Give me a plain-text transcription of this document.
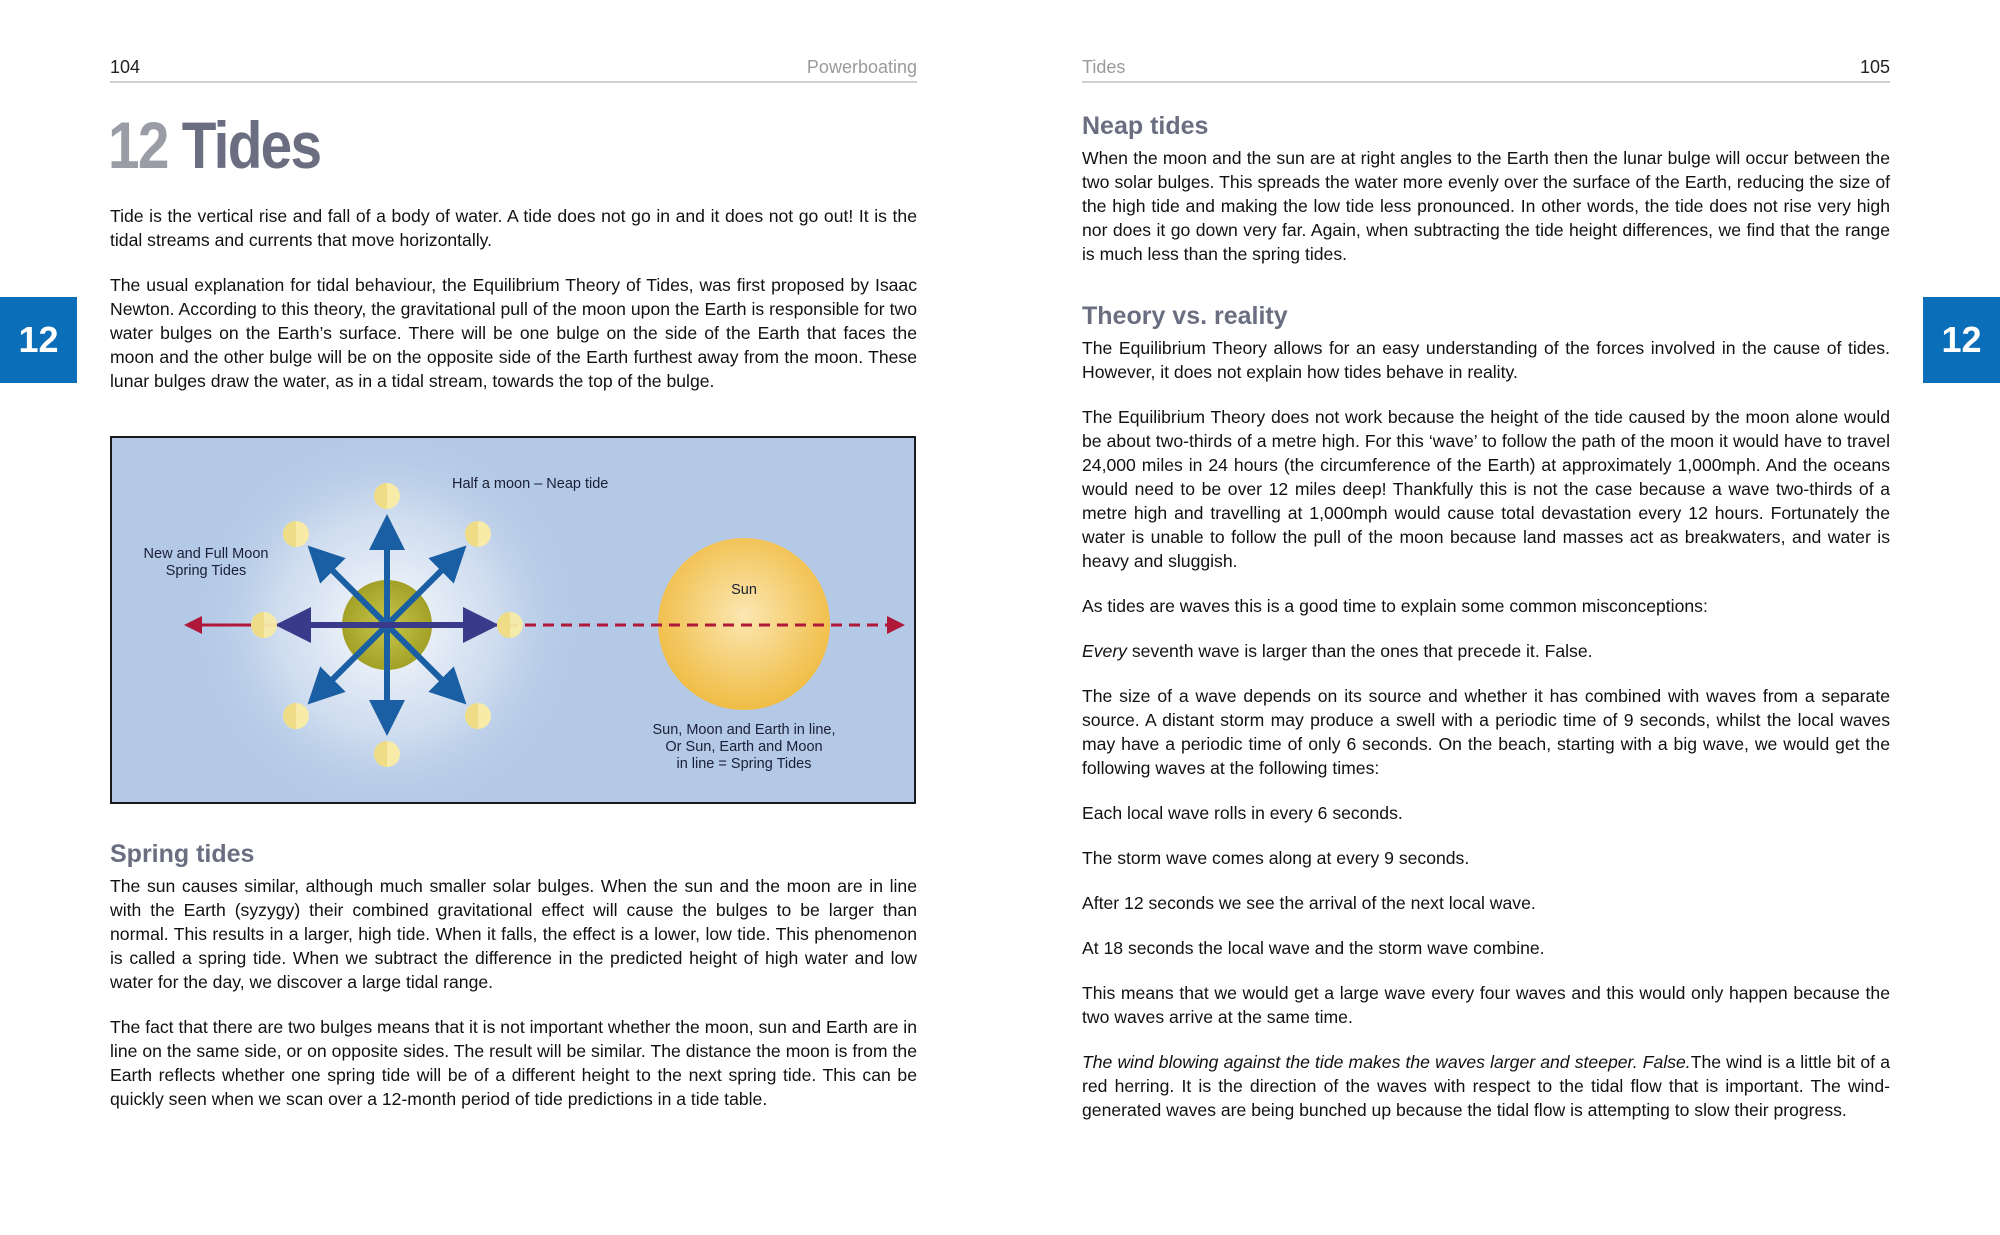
104	Powerboating
12
12 Tides

Tide is the vertical rise and fall of a body of water. A tide does not go in and it does not go out! It is the tidal streams and currents that move horizontally.

The usual explanation for tidal behaviour, the Equilibrium Theory of Tides, was first proposed by Isaac Newton. According to this theory, the gravitational pull of the moon upon the Earth is responsible for two water bulges on the Earth’s surface. There will be one bulge on the side of the Earth that faces the moon and the other bulge will be on the opposite side of the Earth furthest away from the moon. These lunar bulges draw the water, as in a tidal stream, towards the top of the bulge.

Half a moon – Neap tide
New and Full Moon
Spring Tides
Sun
Sun, Moon and Earth in line,
Or Sun, Earth and Moon
in line = Spring Tides
Spring tides

The sun causes similar, although much smaller solar bulges. When the sun and the moon are in line with the Earth (syzygy) their combined gravitational effect will cause the bulges to be larger than normal. This results in a larger, high tide. When it falls, the effect is a lower, low tide. This phenomenon is called a spring tide. When we subtract the difference in the predicted height of high water and low water for the day, we discover a large tidal range.

The fact that there are two bulges means that it is not important whether the moon, sun and Earth are in line on the same side, or on opposite sides. The result will be similar. The distance the moon is from the Earth reflects whether one spring tide will be of a different height to the next spring tide. This can be quickly seen when we scan over a 12-month period of tide predictions in a tide table.

Tides	105
12
Neap tides

When the moon and the sun are at right angles to the Earth then the lunar bulge will occur between the two solar bulges. This spreads the water more evenly over the surface of the Earth, reducing the size of the high tide and making the low tide less pronounced. In other words, the tide does not rise very high nor does it go down very far. Again, when subtracting the tide height differences, we find that the range is much less than the spring tides.

Theory vs. reality

The Equilibrium Theory allows for an easy understanding of the forces involved in the cause of tides. However, it does not explain how tides behave in reality.

The Equilibrium Theory does not work because the height of the tide caused by the moon alone would be about two-thirds of a metre high. For this ‘wave’ to follow the path of the moon it would have to travel 24,000 miles in 24 hours (the circumference of the Earth) at approximately 1,000mph. And the oceans would need to be over 12 miles deep! Thankfully this is not the case because a wave two-thirds of a metre high and travelling at 1,000mph would cause total devastation every 12 hours. Fortunately the water is unable to follow the pull of the moon because land masses act as breakwaters, and water is heavy and sluggish.

As tides are waves this is a good time to explain some common misconceptions:

Every seventh wave is larger than the ones that precede it. False.

The size of a wave depends on its source and whether it has combined with waves from a separate source. A distant storm may produce a swell with a periodic time of 9 seconds, whilst the local waves may have a periodic time of only 6 seconds. On the beach, starting with a big wave, we would get the following waves at the following times:

Each local wave rolls in every 6 seconds.

The storm wave comes along at every 9 seconds.

After 12 seconds we see the arrival of the next local wave.

At 18 seconds the local wave and the storm wave combine.

This means that we would get a large wave every four waves and this would only happen because the two waves arrive at the same time.

The wind blowing against the tide makes the waves larger and steeper. False.The wind is a little bit of a red herring. It is the direction of the waves with respect to the tidal flow that is important. The wind-generated waves are being bunched up because the tidal flow is attempting to slow their progress.
